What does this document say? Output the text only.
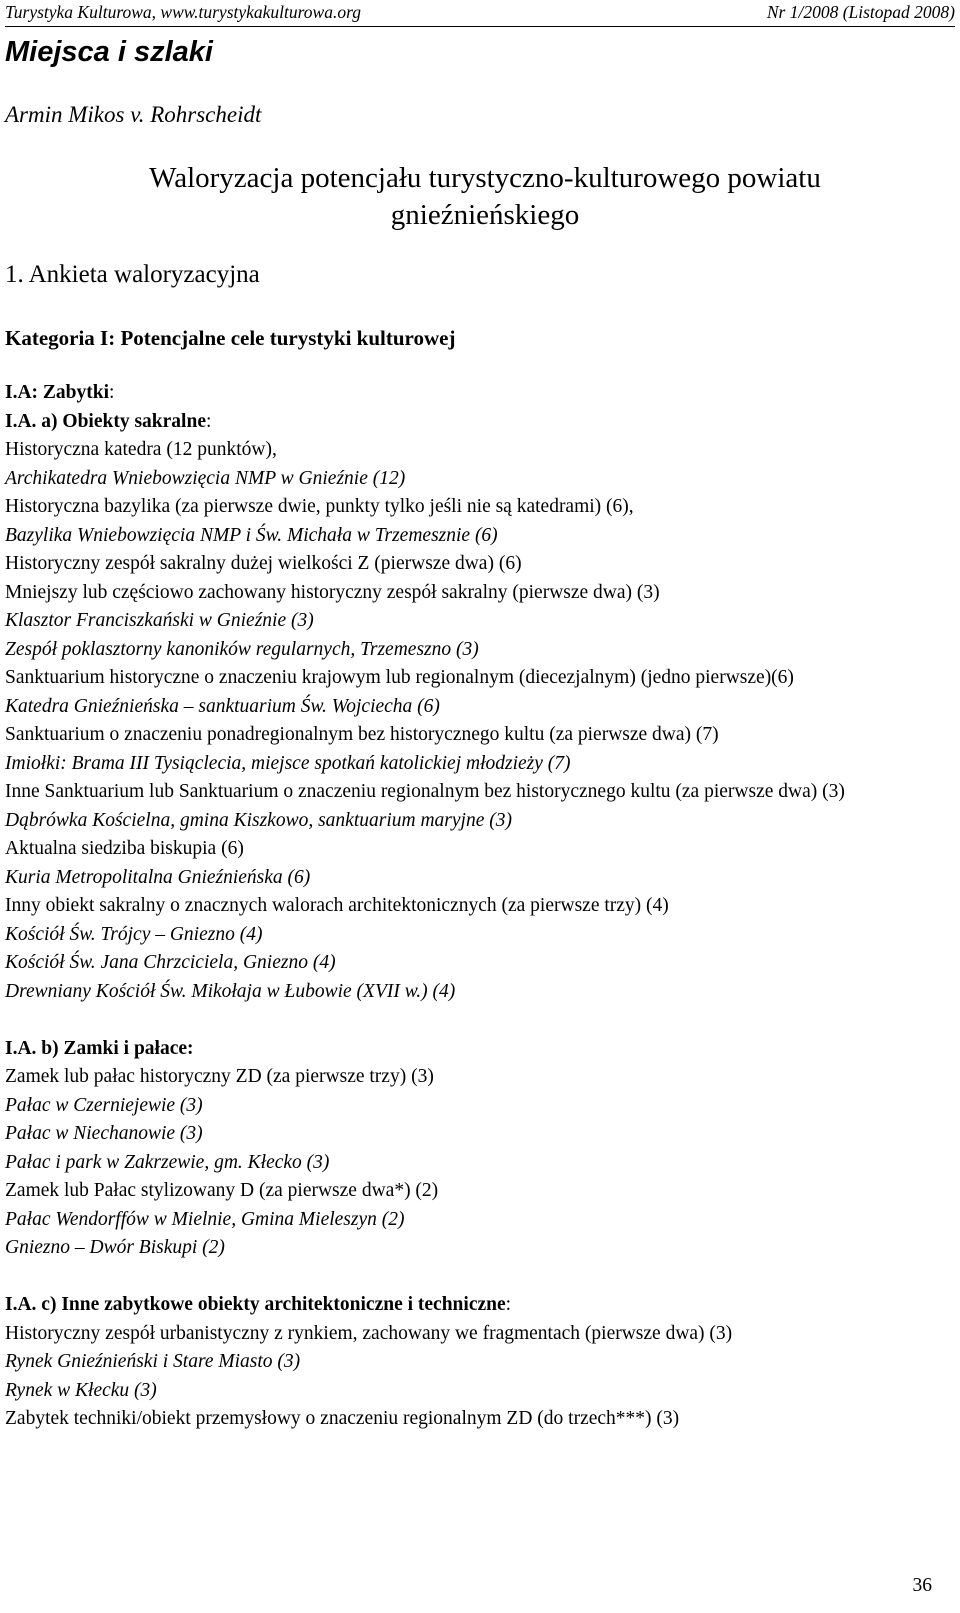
Turystyka Kulturowa, www.turystykakulturowa.org	Nr 1/2008 (Listopad 2008)
Miejsca i szlaki
Armin Mikos v. Rohrscheidt
Waloryzacja potencjału turystyczno-kulturowego powiatu gnieźnieńskiego
1. Ankieta waloryzacyjna
Kategoria I: Potencjalne cele turystyki kulturowej
I.A: Zabytki:
I.A. a) Obiekty sakralne:
Historyczna katedra (12 punktów),
Archikatedra Wniebowzięcia NMP w Gnieźnie (12)
Historyczna bazylika (za pierwsze dwie, punkty tylko jeśli nie są katedrami) (6),
Bazylika Wniebowzięcia NMP i Św. Michała w Trzemesznie (6)
Historyczny zespół sakralny dużej wielkości Z (pierwsze dwa) (6)
Mniejszy lub częściowo zachowany historyczny zespół sakralny (pierwsze dwa) (3)
Klasztor Franciszkański w Gnieźnie (3)
Zespół poklasztorny kanoników regularnych, Trzemeszno (3)
Sanktuarium historyczne o znaczeniu krajowym lub regionalnym (diecezjalnym) (jedno pierwsze)(6)
Katedra Gnieźnieńska – sanktuarium Św. Wojciecha (6)
Sanktuarium o znaczeniu ponadregionalnym bez historycznego kultu (za pierwsze dwa) (7)
Imiołki: Brama III Tysiąclecia, miejsce spotkań katolickiej młodzieży (7)
Inne Sanktuarium lub Sanktuarium o znaczeniu regionalnym bez historycznego kultu (za pierwsze dwa) (3)
Dąbrówka Kościelna, gmina Kiszkowo, sanktuarium maryjne (3)
Aktualna siedziba biskupia (6)
Kuria Metropolitalna Gnieźnieńska (6)
Inny obiekt sakralny o znacznych walorach architektonicznych (za pierwsze trzy) (4)
Kościół Św. Trójcy – Gniezno (4)
Kościół Św. Jana Chrzciciela, Gniezno (4)
Drewniany Kościół Św. Mikołaja w Łubowie (XVII w.) (4)
I.A. b) Zamki i pałace:
Zamek lub pałac historyczny ZD (za pierwsze trzy) (3)
Pałac w Czerniejewie (3)
Pałac w Niechanowie (3)
Pałac i park w Zakrzewie, gm. Kłecko (3)
Zamek lub Pałac stylizowany D (za pierwsze dwa*) (2)
Pałac Wendorffów w Mielnie, Gmina Mieleszyn (2)
Gniezno – Dwór Biskupi (2)
I.A. c) Inne zabytkowe obiekty architektoniczne i techniczne:
Historyczny zespół urbanistyczny z rynkiem, zachowany we fragmentach (pierwsze dwa) (3)
Rynek Gnieźnieński i Stare Miasto (3)
Rynek w Kłecku (3)
Zabytek techniki/obiekt przemysłowy o znaczeniu regionalnym ZD (do trzech***) (3)
36
